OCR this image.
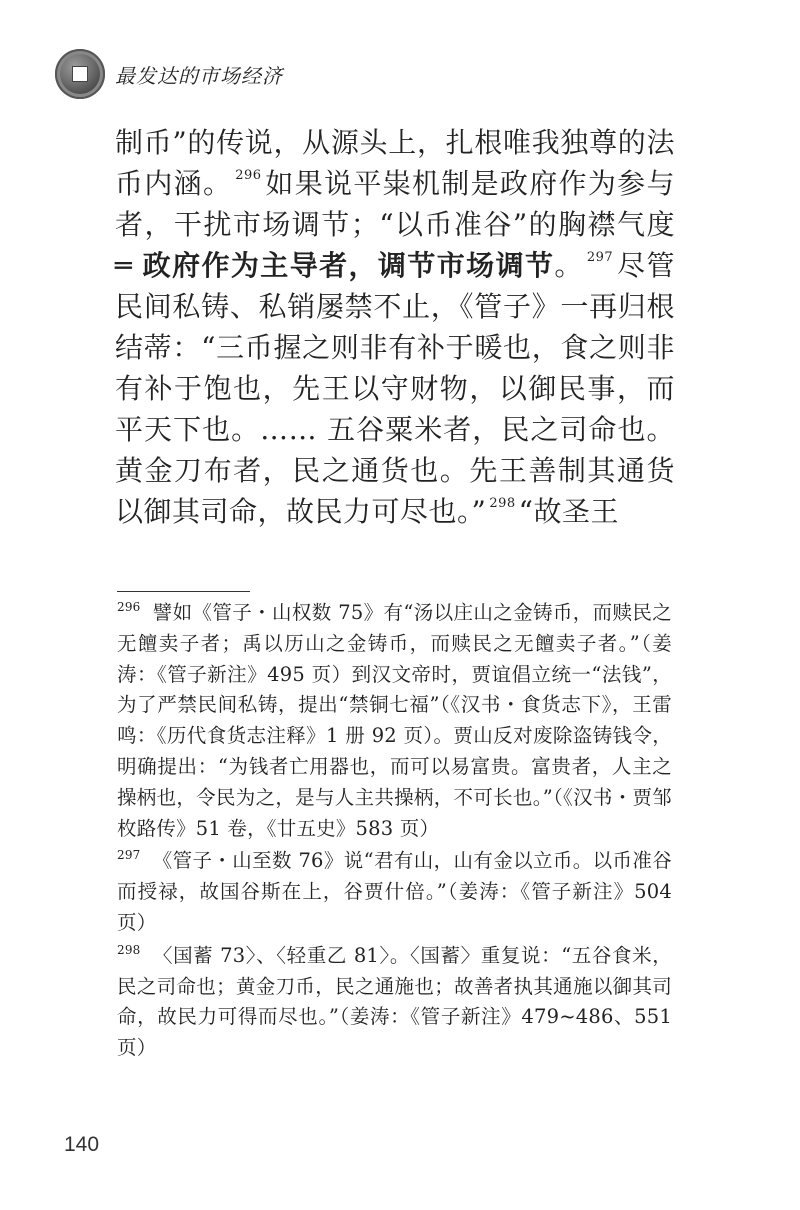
最发达的市场经济

制币”的传说，从源头上，扎根唯我独尊的法币内涵。 $^{296}$ 如果说平粜机制是政府作为参与者，干扰市场调节；“以币准谷”的胸襟气度 ═ 政府作为主导者，调节市场调节。 $^{297}$ 尽管民间私铸、私销屡禁不止，《管子》一再归根结蒂：“三币握之则非有补于暖也，食之则非有补于饱也，先王以守财物，以御民事，而平天下也。…… 五谷粟米者，民之司命也。黄金刀布者，民之通货也。先王善制其通货以御其司命，故民力可尽也。” $^{298}$ “故圣王

$^{296}$ 譬如《管子・山权数 75》有“汤以庄山之金铸币，而赎民之无饘卖子者；禹以历山之金铸币，而赎民之无饘卖子者。”（姜涛：《管子新注》495 页）到汉文帝时，贾谊倡立统一“法钱”，为了严禁民间私铸，提出“禁铜七福”（《汉书・食货志下》，王雷鸣：《历代食货志注释》1 册 92 页）。贾山反对废除盗铸钱令，明确提出：“为钱者亡用器也，而可以易富贵。富贵者，人主之操柄也，令民为之，是与人主共操柄，不可长也。”（《汉书・贾邹枚路传》51 卷，《廿五史》583 页）

$^{297}$ 《管子・山至数 76》说“君有山，山有金以立币。以币准谷而授禄，故国谷斯在上，谷贾什倍。”（姜涛：《管子新注》504 页）

$^{298}$ 〈国蓄 73〉、〈轻重乙 81〉。〈国蓄〉重复说：“五谷食米，民之司命也；黄金刀币，民之通施也；故善者执其通施以御其司命，故民力可得而尽也。”（姜涛：《管子新注》479~486、551 页）

140
